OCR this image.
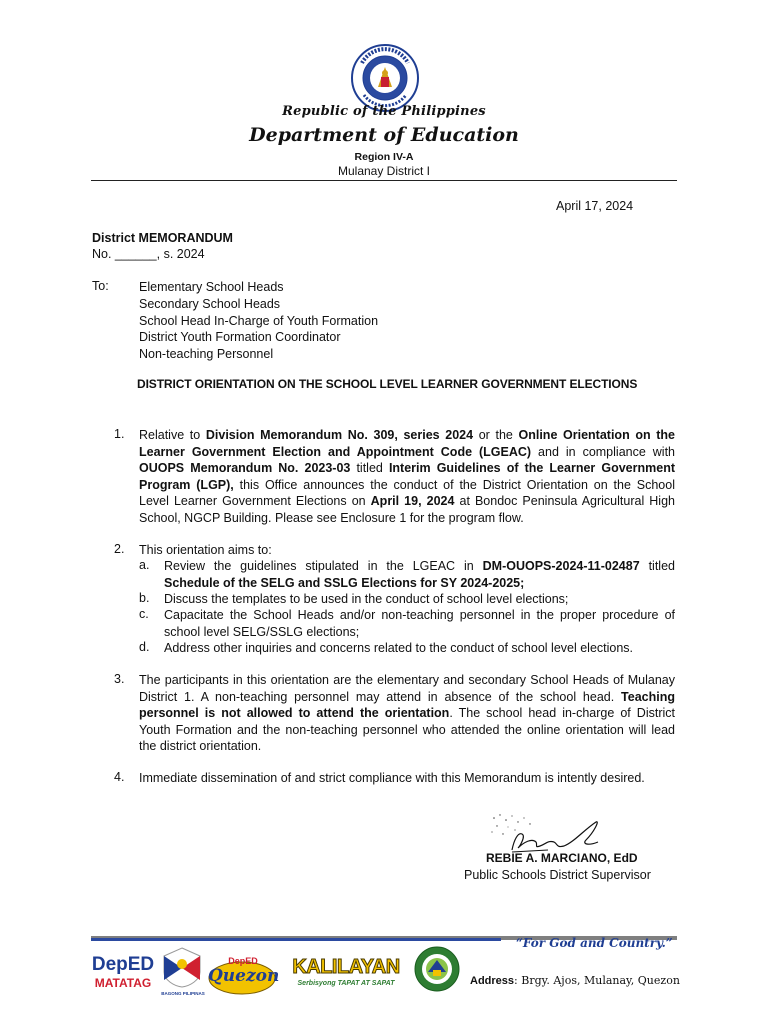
Republic of the Philippines
Department of Education
Region IV-A
Mulanay District I
April 17, 2024
District MEMORANDUM
No. ______, s. 2024
To: Elementary School Heads
Secondary School Heads
School Head In-Charge of Youth Formation
District Youth Formation Coordinator
Non-teaching Personnel
DISTRICT ORIENTATION ON THE SCHOOL LEVEL LEARNER GOVERNMENT ELECTIONS
1. Relative to Division Memorandum No. 309, series 2024 or the Online Orientation on the Learner Government Election and Appointment Code (LGEAC) and in compliance with OUOPS Memorandum No. 2023-03 titled Interim Guidelines of the Learner Government Program (LGP), this Office announces the conduct of the District Orientation on the School Level Learner Government Elections on April 19, 2024 at Bondoc Peninsula Agricultural High School, NGCP Building. Please see Enclosure 1 for the program flow.
2. This orientation aims to:
a. Review the guidelines stipulated in the LGEAC in DM-OUOPS-2024-11-02487 titled Schedule of the SELG and SSLG Elections for SY 2024-2025;
b. Discuss the templates to be used in the conduct of school level elections;
c. Capacitate the School Heads and/or non-teaching personnel in the proper procedure of school level SELG/SSLG elections;
d. Address other inquiries and concerns related to the conduct of school level elections.
3. The participants in this orientation are the elementary and secondary School Heads of Mulanay District 1. A non-teaching personnel may attend in absence of the school head. Teaching personnel is not allowed to attend the orientation. The school head in-charge of District Youth Formation and the non-teaching personnel who attended the online orientation will lead the district orientation.
4. Immediate dissemination of and strict compliance with this Memorandum is intently desired.
REBIE A. MARCIANO, EdD
Public Schools District Supervisor
“For God and Country.”
DepED
MATATAG
BAGONG PILIPINAS
DepED
Quezon KALILAYAN
Serbisyong TAPAT AT SAPAT	Address: Brgy. Ajos, Mulanay, Quezon
